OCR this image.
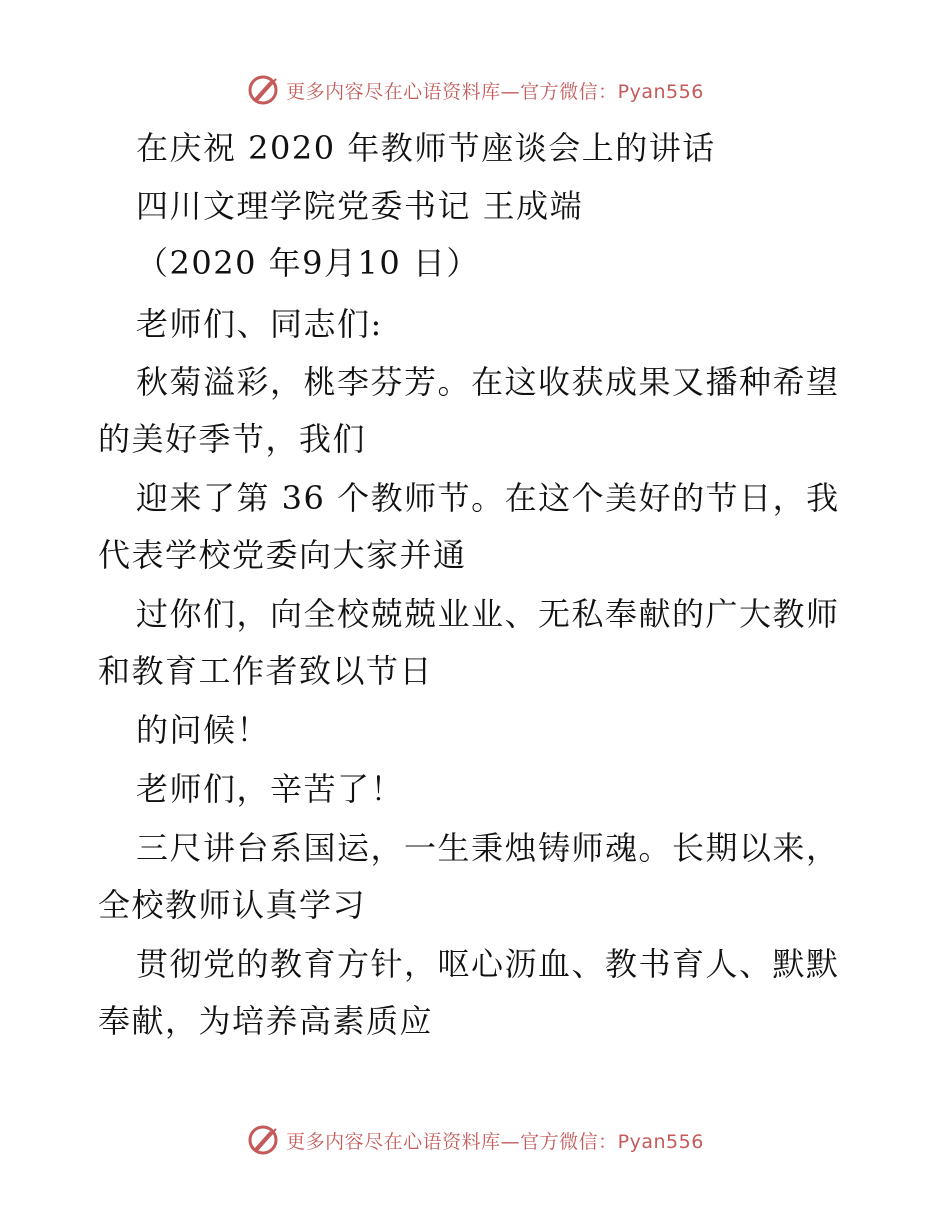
更多内容尽在心语资料库—官方微信：Pyan556
在庆祝 2020 年教师节座谈会上的讲话
四川文理学院党委书记 王成端
（2020 年9月10 日）
老师们、同志们:
秋菊溢彩，桃李芬芳。在这收获成果又播种希望
的美好季节，我们
迎来了第 36 个教师节。在这个美好的节日，我
代表学校党委向大家并通
过你们，向全校兢兢业业、无私奉献的广大教师
和教育工作者致以节日
的问候！
老师们，辛苦了！
三尺讲台系国运，一生秉烛铸师魂。长期以来，
全校教师认真学习
贯彻党的教育方针，呕心沥血、教书育人、默默
奉献，为培养高素质应
更多内容尽在心语资料库—官方微信：Pyan556
